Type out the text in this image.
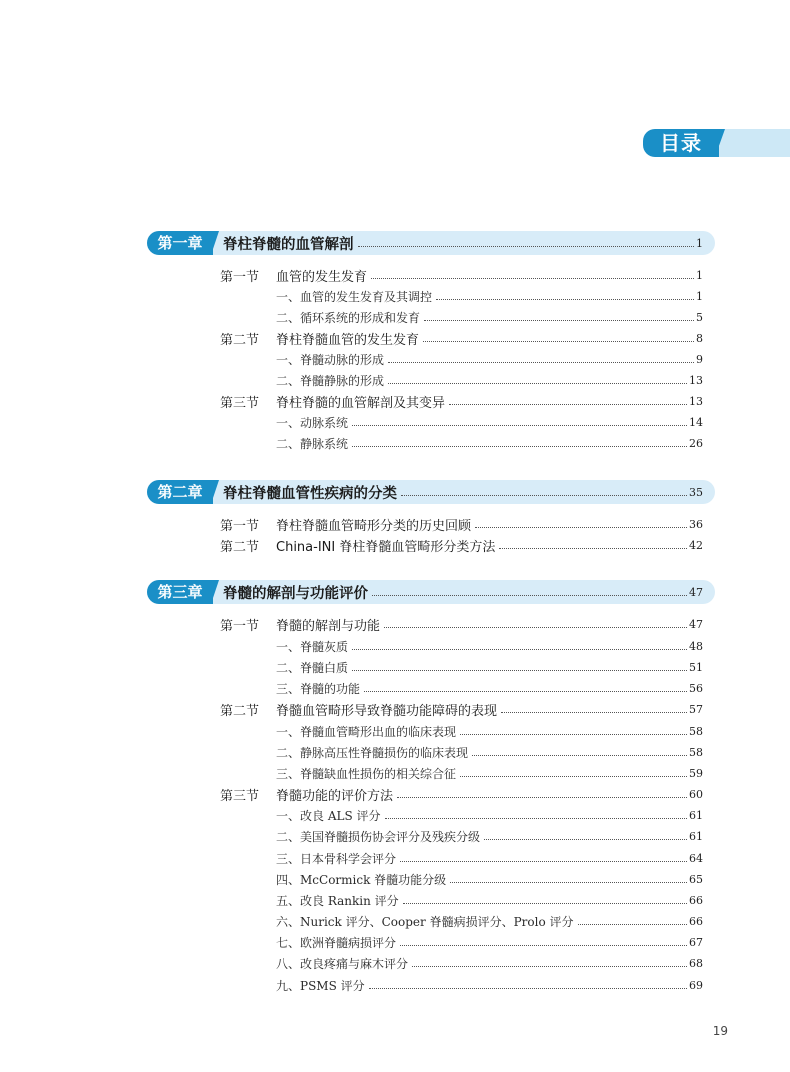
目录
第一章	脊柱脊髓的血管解剖	1
第一节	血管的发生发育	1
一、血管的发生发育及其调控	1
二、循环系统的形成和发育	5
第二节	脊柱脊髓血管的发生发育	8
一、脊髓动脉的形成	9
二、脊髓静脉的形成	13
第三节	脊柱脊髓的血管解剖及其变异	13
一、动脉系统	14
二、静脉系统	26
第二章	脊柱脊髓血管性疾病的分类	35
第一节	脊柱脊髓血管畸形分类的历史回顾	36
第二节	China-INI 脊柱脊髓血管畸形分类方法	42
第三章	脊髓的解剖与功能评价	47
第一节	脊髓的解剖与功能	47
一、脊髓灰质	48
二、脊髓白质	51
三、脊髓的功能	56
第二节	脊髓血管畸形导致脊髓功能障碍的表现	57
一、脊髓血管畸形出血的临床表现	58
二、静脉高压性脊髓损伤的临床表现	58
三、脊髓缺血性损伤的相关综合征	59
第三节	脊髓功能的评价方法	60
一、改良 ALS 评分	61
二、美国脊髓损伤协会评分及残疾分级	61
三、日本骨科学会评分	64
四、McCormick 脊髓功能分级	65
五、改良 Rankin 评分	66
六、Nurick 评分、Cooper 脊髓病损评分、Prolo 评分	66
七、欧洲脊髓病损评分	67
八、改良疼痛与麻木评分	68
九、PSMS 评分	69
19
